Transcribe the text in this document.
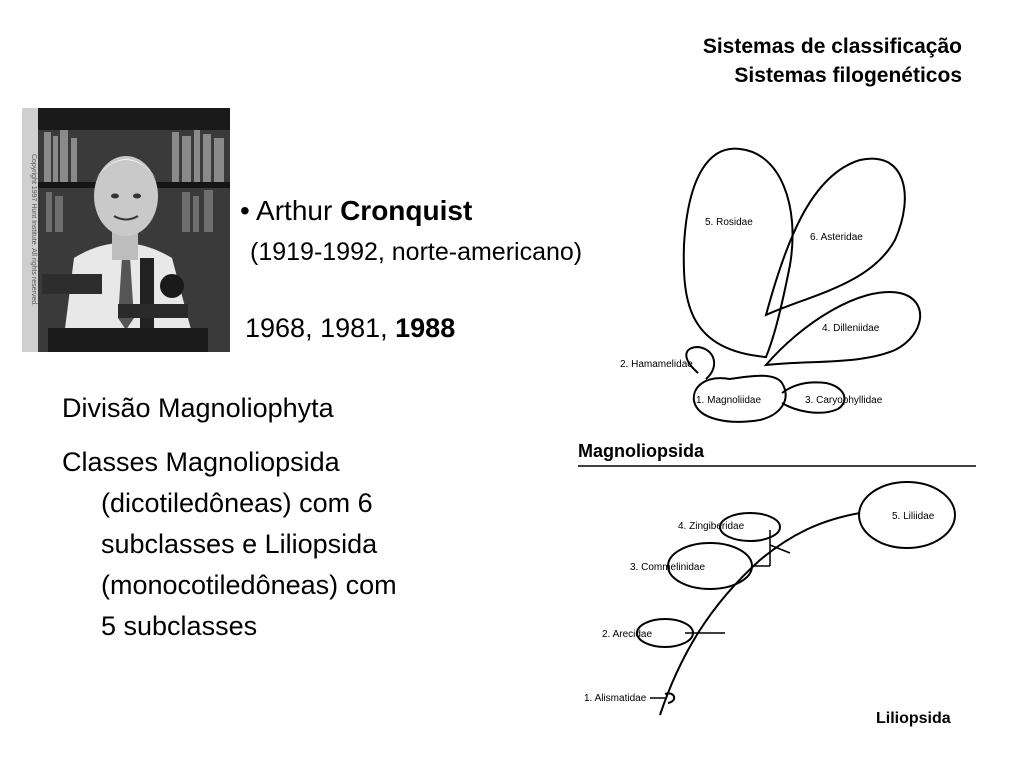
Sistemas de classificação
Sistemas filogenéticos
Copyright 1997 Hunt Institute. All rights reserved.	• Arthur Cronquist
(1919-1992, norte-americano)
1968, 1981, 1988
Divisão Magnoliophyta
Classes Magnoliopsida
(dicotiledôneas) com 6
subclasses e Liliopsida
(monocotiledôneas) com
5 subclasses
5. Rosidae
6. Asteridae
4. Dilleniidae
2. Hamamelidae
1. Magnoliidae	3. Caryophyllidae
4. Zingiberidae
3. Commelinidae
2. Arecidae
1. Alismatidae
5. Liliidae
Magnoliopsida
Liliopsida
